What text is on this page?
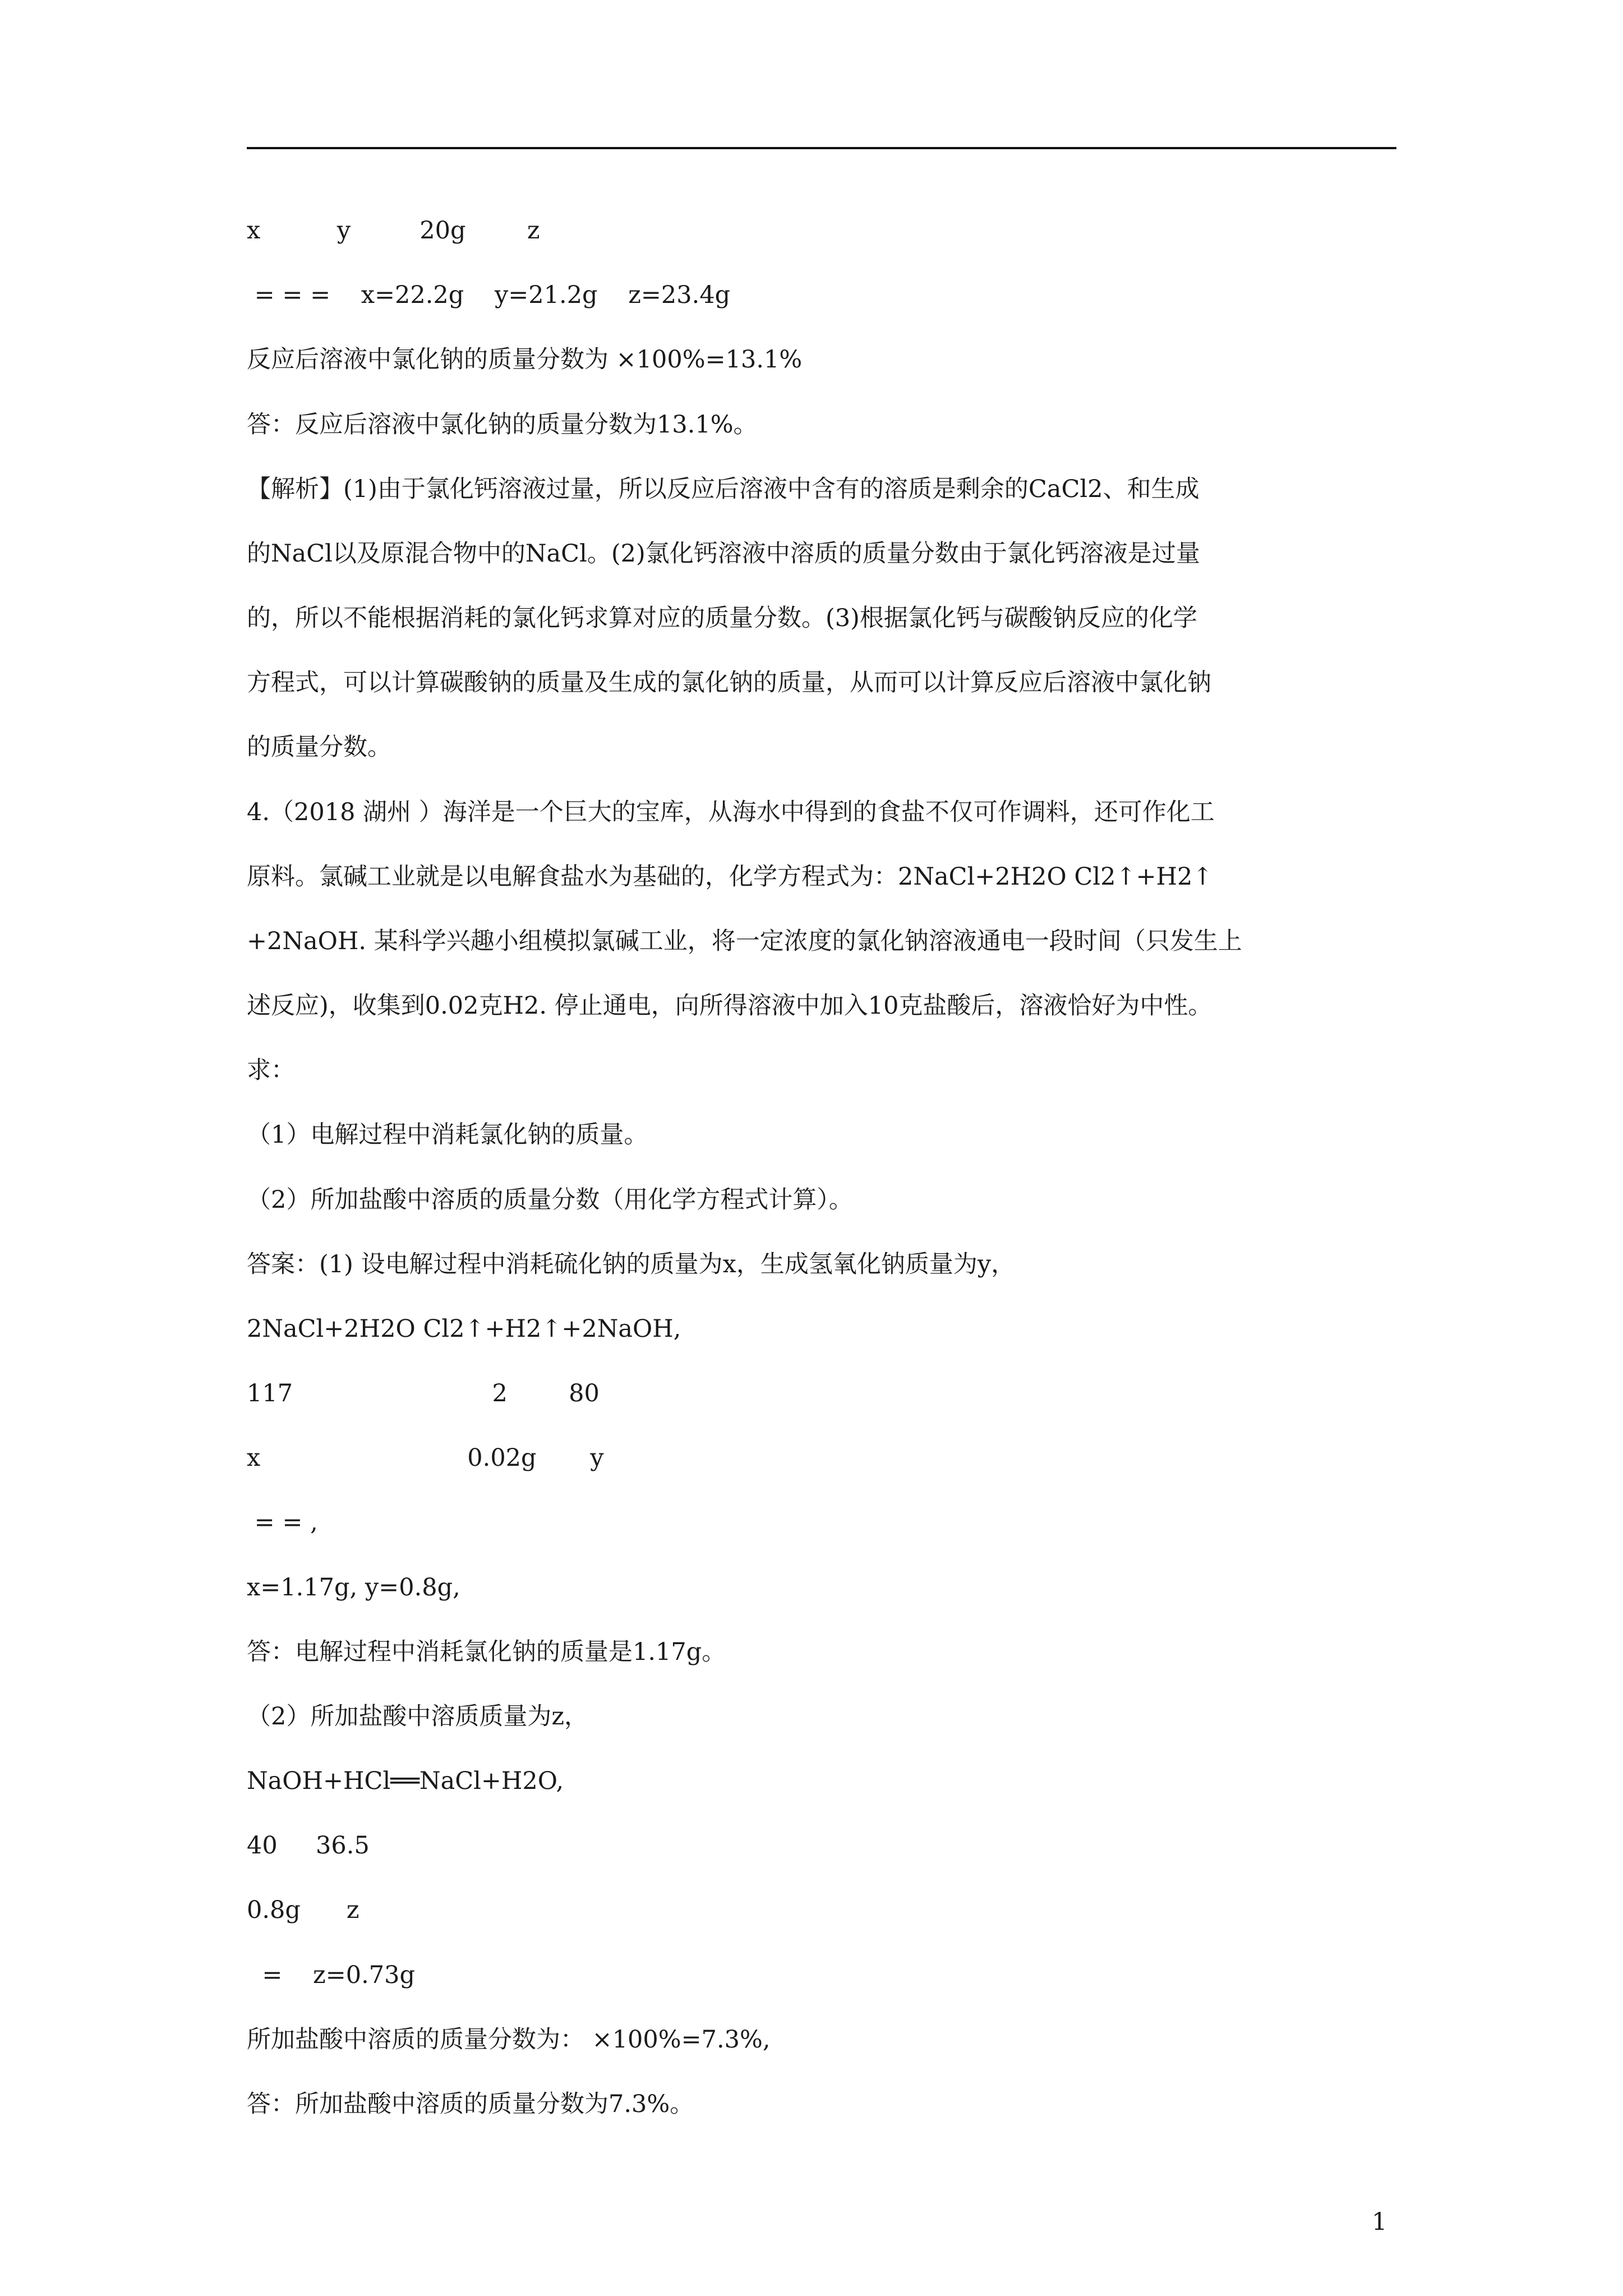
x          y         20g        z
= = =    x=22.2g    y=21.2g    z=23.4g
反应后溶液中氯化钠的质量分数为 ×100%=13.1%
答：反应后溶液中氯化钠的质量分数为13.1%。
【解析】(1)由于氯化钙溶液过量，所以反应后溶液中含有的溶质是剩余的CaCl2、和生成
的NaCl以及原混合物中的NaCl。(2)氯化钙溶液中溶质的质量分数由于氯化钙溶液是过量
的，所以不能根据消耗的氯化钙求算对应的质量分数。(3)根据氯化钙与碳酸钠反应的化学
方程式，可以计算碳酸钠的质量及生成的氯化钠的质量，从而可以计算反应后溶液中氯化钠
的质量分数。
4.（2018 湖州 ）海洋是一个巨大的宝库，从海水中得到的食盐不仅可作调料，还可作化工
原料。氯碱工业就是以电解食盐水为基础的，化学方程式为：2NaCl+2H2O Cl2↑+H2↑
+2NaOH. 某科学兴趣小组模拟氯碱工业，将一定浓度的氯化钠溶液通电一段时间（只发生上
述反应)，收集到0.02克H2. 停止通电，向所得溶液中加入10克盐酸后，溶液恰好为中性。
求：
（1）电解过程中消耗氯化钠的质量。
（2）所加盐酸中溶质的质量分数（用化学方程式计算）。
答案：(1) 设电解过程中消耗硫化钠的质量为x，生成氢氧化钠质量为y，
2NaCl+2H2O Cl2↑+H2↑+2NaOH,
117                          2        80
x                           0.02g       y
= = ,
x=1.17g, y=0.8g,
答：电解过程中消耗氯化钠的质量是1.17g。
（2）所加盐酸中溶质质量为z，
NaOH+HCl══NaCl+H2O,
40     36.5
0.8g      z
=    z=0.73g
所加盐酸中溶质的质量分数为： ×100%=7.3%,
答：所加盐酸中溶质的质量分数为7.3%。
1
